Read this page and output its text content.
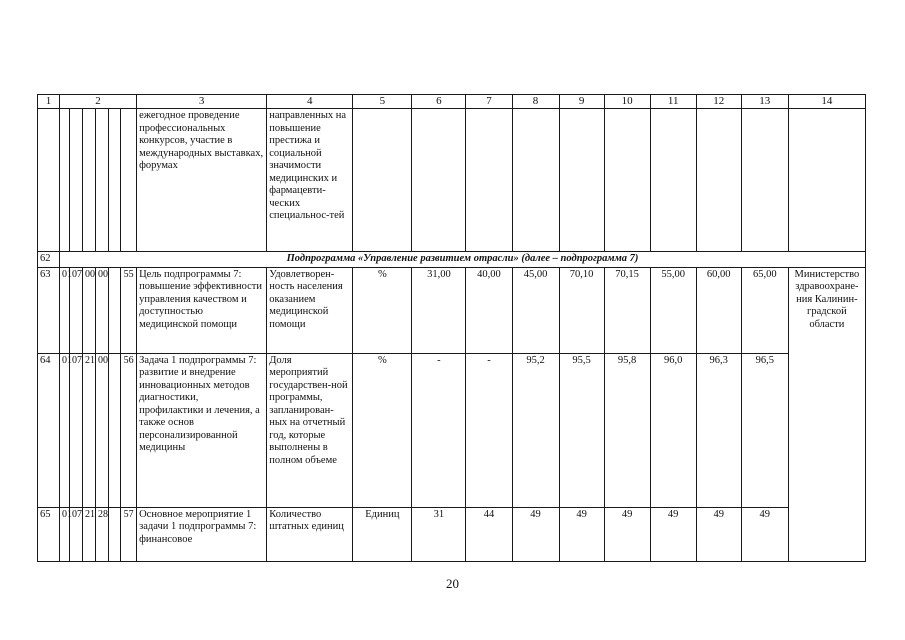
1	2						3	4	5	6	7	8	9	10	11	12	13	14
							ежегодное проведение профессиональных конкурсов, участие в международных выставках, форумах	направленных на повышение престижа и социальной значимости медицинских и фармацевти-ческих специальнос-тей										
62	Подпрограмма «Управление развитием отрасли» (далее – подпрограмма 7)																	
63	01	07	00	00		55	Цель подпрограммы 7: повышение эффективности управления качеством и доступностью медицинской помощи	Удовлетворен-ность населения оказанием медицинской помощи	%	31,00	40,00	45,00	70,10	70,15	55,00	60,00	65,00	Министерство здравоохране-ния Калинин-градской области
64	01	07	21	00		56	Задача 1 подпрограммы 7: развитие и внедрение инновационных методов диагностики, профилактики и лечения, а также основ персонализированной медицины	Доля мероприятий государствен-ной программы, запланирован-ных на отчетный год, которые выполнены в полном объеме	%	-	-	95,2	95,5	95,8	96,0	96,3	96,5	
65	01	07	21	28		57	Основное мероприятие 1 задачи 1 подпрограммы 7: финансовое	Количество штатных единиц	Единиц	31	44	49	49	49	49	49	49	
20
